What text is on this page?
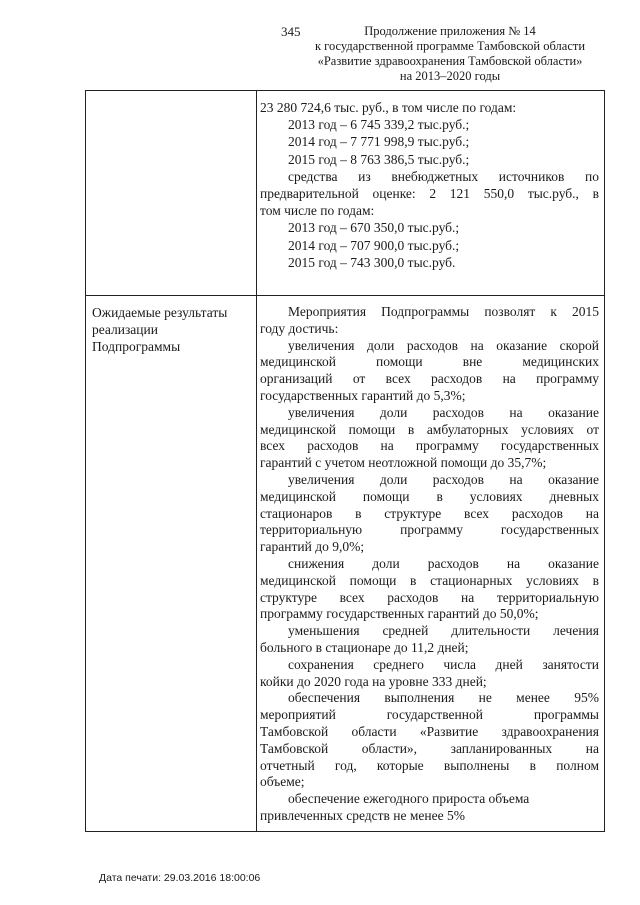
345	Продолжение приложения № 14
к государственной программе Тамбовской области
«Развитие здравоохранения Тамбовской области»
на 2013–2020 годы
23 280 724,6 тыс. руб., в том числе по годам:
2013 год – 6 745 339,2 тыс.руб.;
2014 год – 7 771 998,9 тыс.руб.;
2015 год – 8 763 386,5 тыс.руб.;
средства из внебюджетных источников по
предварительной оценке: 2 121 550,0 тыс.руб., в
том числе по годам:
2013 год – 670 350,0 тыс.руб.;
2014 год – 707 900,0 тыс.руб.;
2015 год – 743 300,0 тыс.руб.
Ожидаемые результаты
реализации
Подпрограммы
Мероприятия Подпрограммы позволят к 2015
году достичь:
увеличения доли расходов на оказание скорой
медицинской помощи вне медицинских
организаций от всех расходов на программу
государственных гарантий до 5,3%;
увеличения доли расходов на оказание
медицинской помощи в амбулаторных условиях от
всех расходов на программу государственных
гарантий с учетом неотложной помощи до 35,7%;
увеличения доли расходов на оказание
медицинской помощи в условиях дневных
стационаров в структуре всех расходов на
территориальную программу государственных
гарантий до 9,0%;
снижения доли расходов на оказание
медицинской помощи в стационарных условиях в
структуре всех расходов на территориальную
программу государственных гарантий до 50,0%;
уменьшения средней длительности лечения
больного в стационаре до 11,2 дней;
сохранения среднего числа дней занятости
койки до 2020 года на уровне 333 дней;
обеспечения выполнения не менее 95%
мероприятий государственной программы
Тамбовской области «Развитие здравоохранения
Тамбовской области», запланированных на
отчетный год, которые выполнены в полном
объеме;
обеспечение ежегодного прироста объема
привлеченных средств не менее 5%
Дата печати: 29.03.2016 18:00:06
